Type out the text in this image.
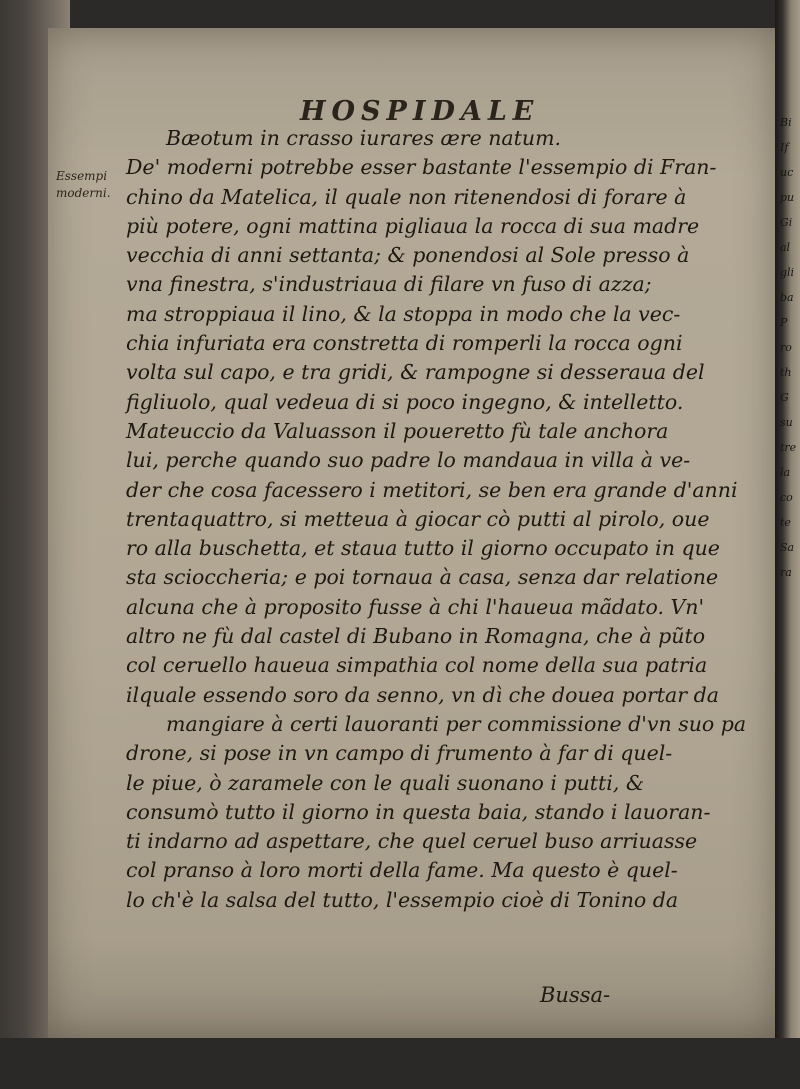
HOSPIDALE
Essempi
moderni.
Bæotum in crasso iurares ære natum.
De' moderni potrebbe esser bastante l'essempio di Fran-
chino da Matelica, il quale non ritenendosi di forare à
più potere, ogni mattina pigliaua la rocca di sua madre
vecchia di anni settanta; & ponendosi al Sole presso à
vna finestra, s'industriaua di filare vn fuso di azza;
ma stroppiaua il lino, & la stoppa in modo che la vec-
chia infuriata era constretta di romperli la rocca ogni
volta sul capo, e tra gridi, & rampogne si desseraua del
figliuolo, qual vedeua di si poco ingegno, & intelletto.
Mateuccio da Valuasson il poueretto fù tale anchora
lui, perche quando suo padre lo mandaua in villa à ve-
der che cosa facessero i metitori, se ben era grande d'anni
trentaquattro, si metteua à giocar cò putti al pirolo, oue
ro alla buschetta, et staua tutto il giorno occupato in que
sta scioccheria; e poi tornaua à casa, senza dar relatione
alcuna che à proposito fusse à chi l'haueua mãdato. Vn'
altro ne fù dal castel di Bubano in Romagna, che à pũto
col ceruello haueua simpathia col nome della sua patria
ilquale essendo soro da senno, vn dì che douea portar da
mangiare à certi lauoranti per commissione d'vn suo pa
drone, si pose in vn campo di frumento à far di quel-
le piue, ò zaramele con le quali suonano i putti, &
consumò tutto il giorno in questa baia, stando i lauoran-
ti indarno ad aspettare, che quel ceruel buso arriuasse
col pranso à loro morti della fame. Ma questo è quel-
lo ch'è la salsa del tutto, l'essempio cioè di Tonino da
Bussa-
Bi
If
uc
pu
Gi
al
gli
ba
P
ro
th
G
su
tre
la
co
te
Sa
ra
